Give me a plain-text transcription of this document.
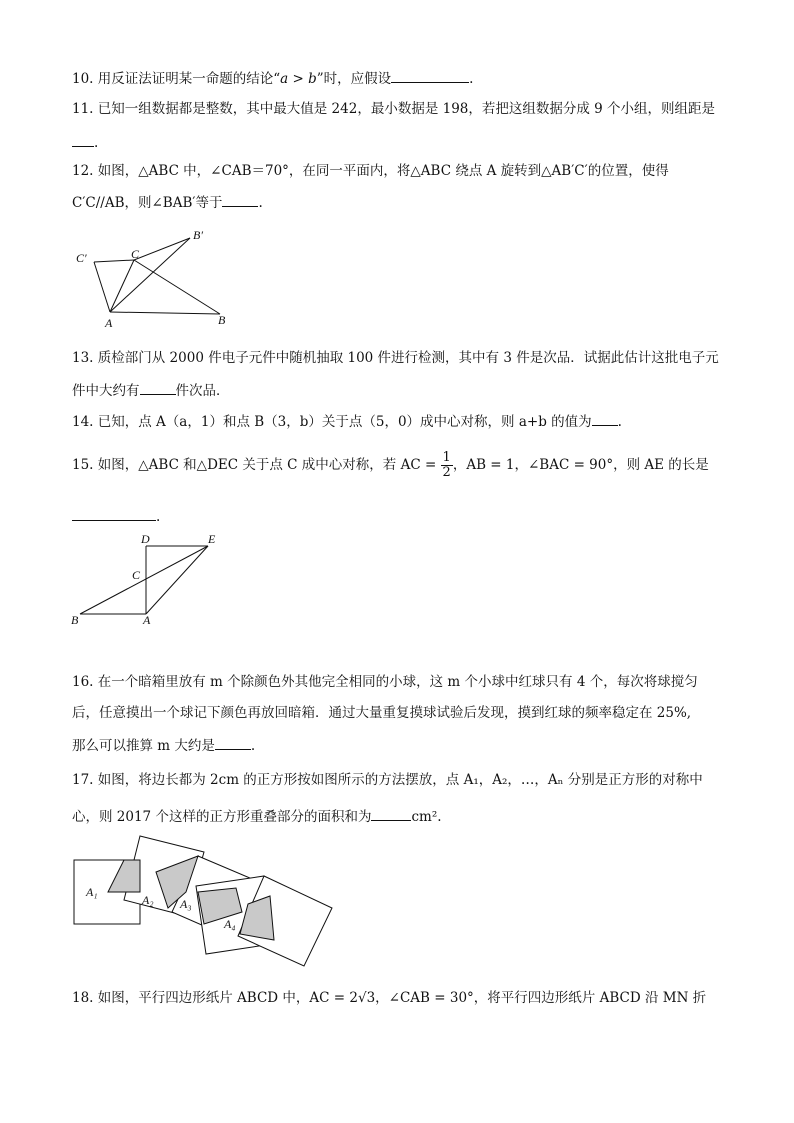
10. 用反证法证明某一命题的结论“a > b”时，应假设	.
11. 已知一组数据都是整数，其中最大值是 242，最小数据是 198，若把这组数据分成 9 个小组，则组距是
.
12. 如图，△ABC 中，∠CAB＝70°，在同一平面内，将△ABC 绕点 A 旋转到△AB′C′的位置，使得
C′C//AB，则∠BAB′等于	.
C′	C
B′
A	B
13. 质检部门从 2000 件电子元件中随机抽取 100 件进行检测，其中有 3 件是次品．试据此估计这批电子元
件中大约有	件次品．
14. 已知，点 A（a，1）和点 B（3，b）关于点（5，0）成中心对称，则 a+b 的值为 .
15. 如图，△ABC 和△DEC 关于点 C 成中心对称，若 AC = $\frac{1}{2}$ ，AB = 1，∠BAC = 90°，则 AE 的长是
.
D	E
C
B	A
16. 在一个暗箱里放有 m 个除颜色外其他完全相同的小球，这 m 个小球中红球只有 4 个，每次将球搅匀
后，任意摸出一个球记下颜色再放回暗箱．通过大量重复摸球试验后发现，摸到红球的频率稳定在 25%,
那么可以推算 m 大约是	.
17. 如图，将边长都为 2cm 的正方形按如图所示的方法摆放，点 A₁，A₂，…，Aₙ 分别是正方形的对称中
心，则 2017 个这样的正方形重叠部分的面积和为	cm².
A₁
A₂ A₃
A₄
18. 如图，平行四边形纸片 ABCD 中，AC = 2√3，∠CAB = 30°，将平行四边形纸片 ABCD 沿 MN 折
